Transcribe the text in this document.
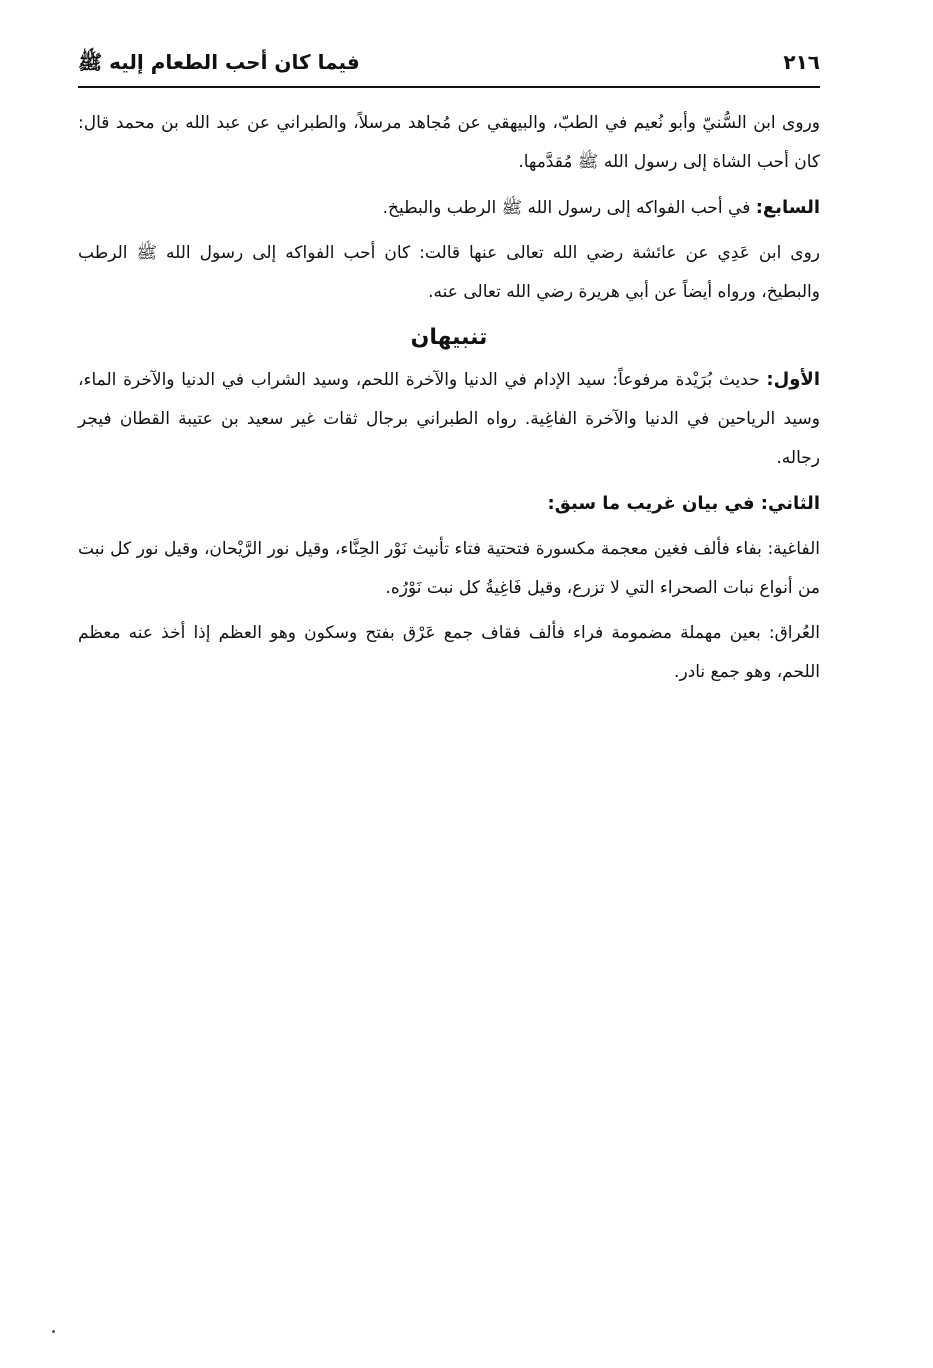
فيما كان أحب الطعام إليه ﷺ	٢١٦

وروى ابن السُّنيّ وأبو نُعيم في الطبّ، والبيهقي عن مُجاهد مرسلاً، والطبراني عن عبد الله بن محمد قال: كان أحب الشاة إلى رسول الله ﷺ مُقدَّمها.

السابع: في أحب الفواكه إلى رسول الله ﷺ الرطب والبطيخ.

روى ابن عَدِي عن عائشة رضي الله تعالى عنها قالت: كان أحب الفواكه إلى رسول الله ﷺ الرطب والبطيخ، ورواه أيضاً عن أبي هريرة رضي الله تعالى عنه.

تنبيهان

الأول: حديث بُرَيْدة مرفوعاً: سيد الإدام في الدنيا والآخرة اللحم، وسيد الشراب في الدنيا والآخرة الماء، وسيد الرياحين في الدنيا والآخرة الفاغِية. رواه الطبراني برجال ثقات غير سعيد بن عتيبة القطان فيجر رجاله.

الثاني: في بيان غريب ما سبق:

الفاغية: بفاء فألف فغين معجمة مكسورة فتحتية فتاء تأنيث نَوْر الحِنَّاء، وقيل نور الرَّيْحان، وقيل نور كل نبت من أنواع نبات الصحراء التي لا تزرع، وقيل فَاغِيةُ كل نبت نَوْرُه.

العُراق: بعين مهملة مضمومة فراء فألف فقاف جمع عَرْق بفتح وسكون وهو العظم إذا أخذ عنه معظم اللحم، وهو جمع نادر.
